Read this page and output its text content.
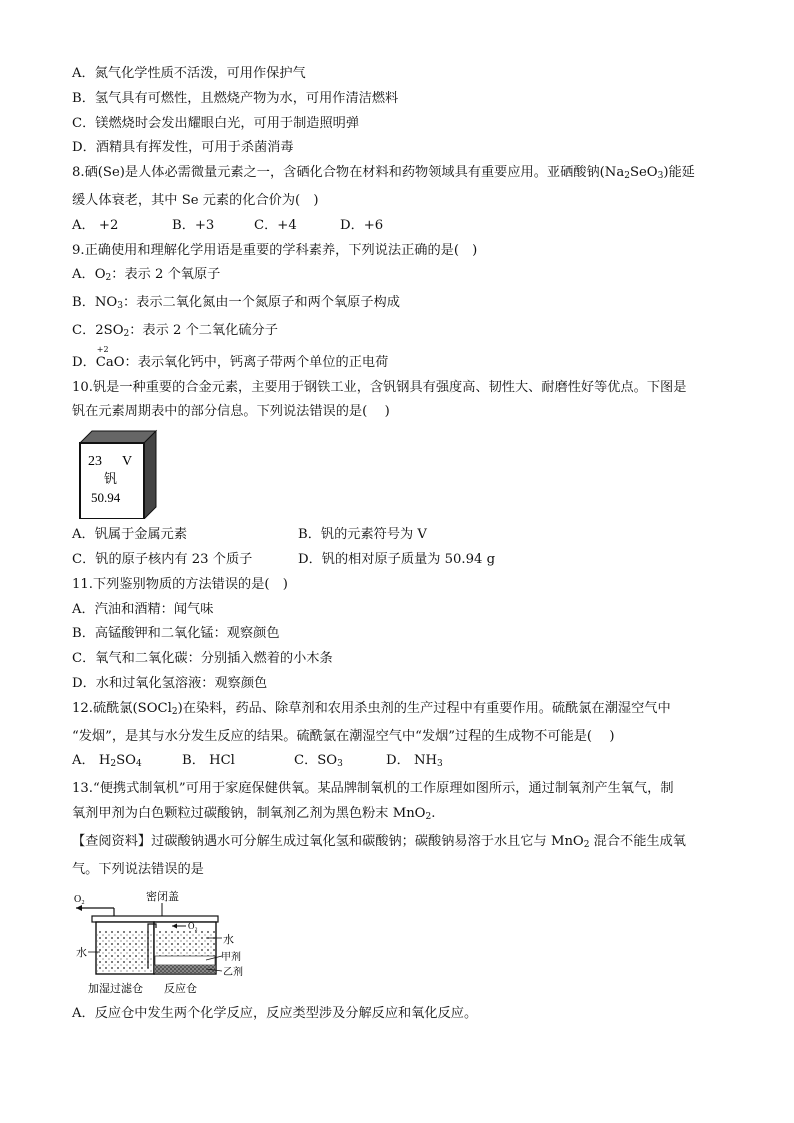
A．氮气化学性质不活泼，可用作保护气
B．氢气具有可燃性，且燃烧产物为水，可用作清洁燃料
C．镁燃烧时会发出耀眼白光，可用于制造照明弹
D．酒精具有挥发性，可用于杀菌消毒
8.硒(Se)是人体必需微量元素之一，含硒化合物在材料和药物领域具有重要应用。亚硒酸钠$(Na_2SeO_3)$能延
缓人体衰老，其中 Se 元素的化合价为(　)
A． +2	B．+3	C．+4	D．+6
9.正确使用和理解化学用语是重要的学科素养，下列说法正确的是(　)
A．$O_2$：表示 2 个氧原子
B．$NO_3$：表示二氧化氮由一个氮原子和两个氧原子构成
C．$2SO_2$：表示 2 个二氧化硫分子
D．
+2
CaO：表示氧化钙中，钙离子带两个单位的正电荷
10.钒是一种重要的合金元素，主要用于钢铁工业，含钒钢具有强度高、韧性大、耐磨性好等优点。下图是
钒在元素周期表中的部分信息。下列说法错误的是(　 )
23 V
钒
50.94
A．钒属于金属元素	B．钒的元素符号为 V
C．钒的原子核内有 23 个质子	D．钒的相对原子质量为 50.94 g
11.下列鉴别物质的方法错误的是(　)
A．汽油和酒精：闻气味
B．高锰酸钾和二氧化锰：观察颜色
C．氧气和二氧化碳：分别插入燃着的小木条
D．水和过氧化氢溶液：观察颜色
12.硫酰氯(SOCl$_2$)在染料，药品、除草剂和农用杀虫剂的生产过程中有重要作用。硫酰氯在潮湿空气中
“发烟”，是其与水分发生反应的结果。硫酰氯在潮湿空气中“发烟”过程的生成物不可能是(　 )
A． $H_2SO_4$	B． HCl	C．$SO_3$	D． $NH_3$
13.“便携式制氧机”可用于家庭保健供氧。某品牌制氧机的工作原理如图所示，通过制氧剂产生氧气，制
氧剂甲剂为白色颗粒过碳酸钠，制氧剂乙剂为黑色粉末 MnO$_2$.
【查阅资料】过碳酸钠遇水可分解生成过氧化氢和碳酸钠；碳酸钠易溶于水且它与 MnO$_2$ 混合不能生成氧
气。下列说法错误的是
O₂	密闭盖
O₂
水
甲剂
乙剂
水
加湿过滤仓 反应仓
A．反应仓中发生两个化学反应，反应类型涉及分解反应和氧化反应。
